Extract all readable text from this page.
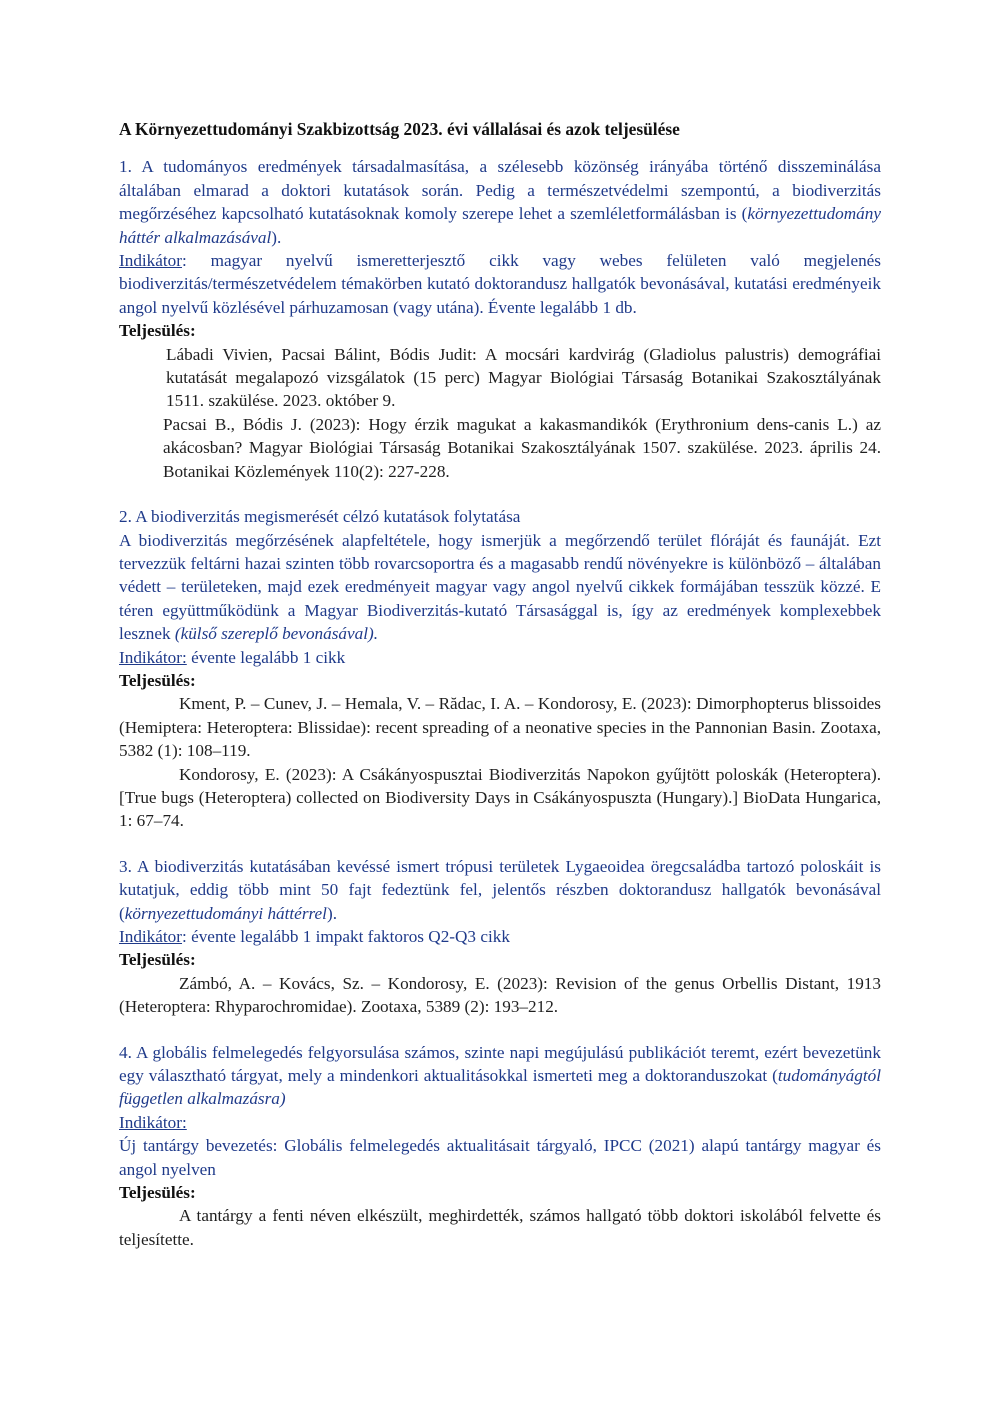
A Környezettudományi Szakbizottság 2023. évi vállalásai és azok teljesülése

1. A tudományos eredmények társadalmasítása, a szélesebb közönség irányába történő disszeminálása általában elmarad a doktori kutatások során. Pedig a természetvédelmi szempontú, a biodiverzitás megőrzéséhez kapcsolható kutatásoknak komoly szerepe lehet a szemléletformálásban is (környezettudomány háttér alkalmazásával).

Indikátor: magyar nyelvű ismeretterjesztő cikk vagy webes felületen való megjelenés biodiverzitás/természetvédelem témakörben kutató doktorandusz hallgatók bevonásával, kutatási eredményeik angol nyelvű közlésével párhuzamosan (vagy utána). Évente legalább 1 db.

Teljesülés:

Lábadi Vivien, Pacsai Bálint, Bódis Judit: A mocsári kardvirág (Gladiolus palustris) demográfiai kutatását megalapozó vizsgálatok (15 perc) Magyar Biológiai Társaság Botanikai Szakosztályának 1511. szakülése. 2023. október 9.

Pacsai B., Bódis J. (2023): Hogy érzik magukat a kakasmandikók (Erythronium dens-canis L.) az akácosban? Magyar Biológiai Társaság Botanikai Szakosztályának 1507. szakülése. 2023. április 24. Botanikai Közlemények 110(2): 227-228.

2. A biodiverzitás megismerését célzó kutatások folytatása

A biodiverzitás megőrzésének alapfeltétele, hogy ismerjük a megőrzendő terület flóráját és faunáját. Ezt tervezzük feltárni hazai szinten több rovarcsoportra és a magasabb rendű növényekre is különböző – általában védett – területeken, majd ezek eredményeit magyar vagy angol nyelvű cikkek formájában tesszük közzé. E téren együttműködünk a Magyar Biodiverzitás-kutató Társasággal is, így az eredmények komplexebbek lesznek (külső szereplő bevonásával).

Indikátor: évente legalább 1 cikk

Teljesülés:

Kment, P. – Cunev, J. – Hemala, V. – Rădac, I. A. – Kondorosy, E. (2023): Dimorphopterus blissoides (Hemiptera: Heteroptera: Blissidae): recent spreading of a neonative species in the Pannonian Basin. Zootaxa, 5382 (1): 108–119.

Kondorosy, E. (2023): A Csákányospusztai Biodiverzitás Napokon gyűjtött poloskák (Heteroptera). [True bugs (Heteroptera) collected on Biodiversity Days in Csákányospuszta (Hungary).] BioData Hungarica, 1: 67–74.

3. A biodiverzitás kutatásában kevéssé ismert trópusi területek Lygaeoidea öregcsaládba tartozó poloskáit is kutatjuk, eddig több mint 50 fajt fedeztünk fel, jelentős részben doktorandusz hallgatók bevonásával (környezettudományi háttérrel).

Indikátor: évente legalább 1 impakt faktoros Q2-Q3 cikk

Teljesülés:

Zámbó, A. – Kovács, Sz. – Kondorosy, E. (2023): Revision of the genus Orbellis Distant, 1913 (Heteroptera: Rhyparochromidae). Zootaxa, 5389 (2): 193–212.

4. A globális felmelegedés felgyorsulása számos, szinte napi megújulású publikációt teremt, ezért bevezetünk egy választható tárgyat, mely a mindenkori aktualitásokkal ismerteti meg a doktoranduszokat (tudományágtól független alkalmazásra)

Indikátor:

Új tantárgy bevezetés: Globális felmelegedés aktualitásait tárgyaló, IPCC (2021) alapú tantárgy magyar és angol nyelven

Teljesülés:

A tantárgy a fenti néven elkészült, meghirdették, számos hallgató több doktori iskolából felvette és teljesítette.
